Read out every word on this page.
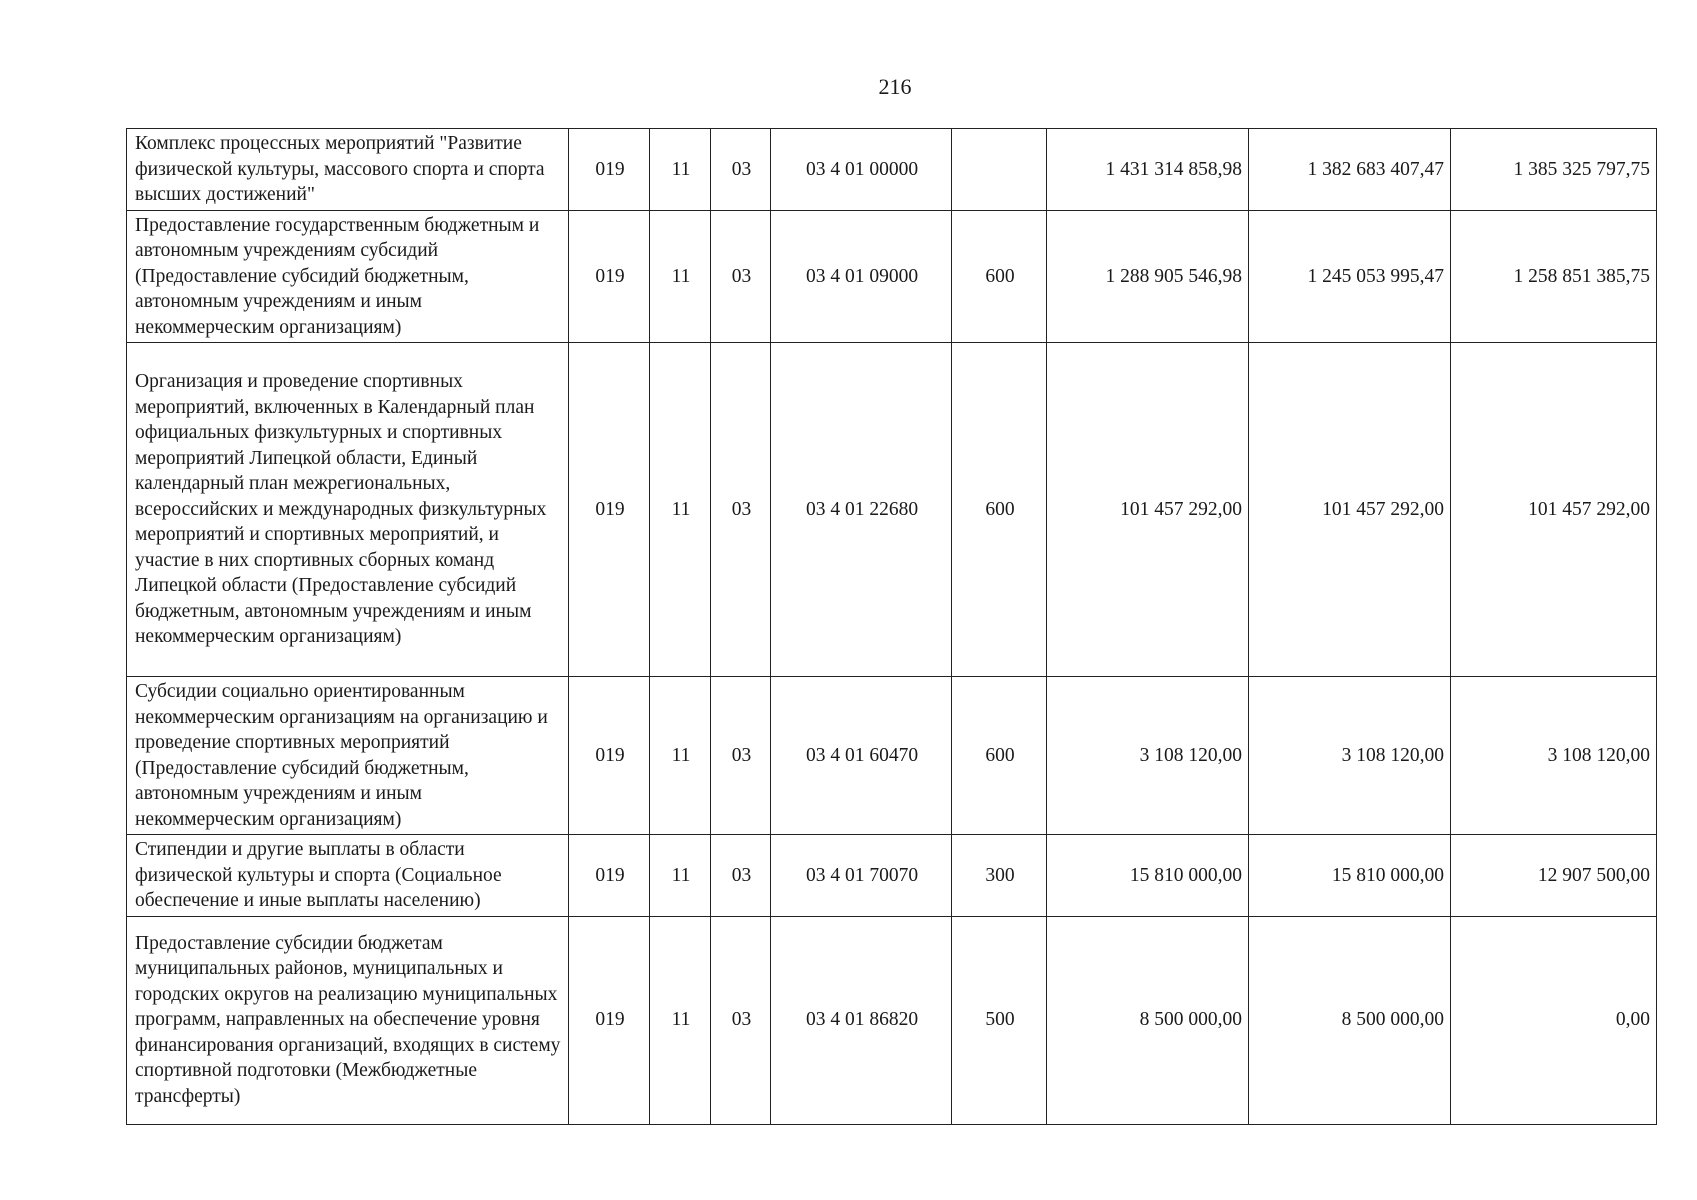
216
Комплекс процессных мероприятий "Развитие физической культуры, массового спорта и спорта высших достижений"	019	11	03	03 4 01 00000		1 431 314 858,98	1 382 683 407,47	1 385 325 797,75
Предоставление государственным бюджетным и автономным учреждениям субсидий (Предоставление субсидий бюджетным, автономным учреждениям и иным некоммерческим организациям)	019	11	03	03 4 01 09000	600	1 288 905 546,98	1 245 053 995,47	1 258 851 385,75
Организация и проведение спортивных мероприятий, включенных в Календарный план официальных физкультурных и спортивных мероприятий Липецкой области, Единый календарный план межрегиональных, всероссийских и международных физкультурных мероприятий и спортивных мероприятий, и участие в них спортивных сборных команд Липецкой области (Предоставление субсидий бюджетным, автономным учреждениям и иным некоммерческим организациям)	019	11	03	03 4 01 22680	600	101 457 292,00	101 457 292,00	101 457 292,00
Субсидии социально ориентированным некоммерческим организациям на организацию и проведение спортивных мероприятий (Предоставление субсидий бюджетным, автономным учреждениям и иным некоммерческим организациям)	019	11	03	03 4 01 60470	600	3 108 120,00	3 108 120,00	3 108 120,00
Стипендии и другие выплаты в области физической культуры и спорта (Социальное обеспечение и иные выплаты населению)	019	11	03	03 4 01 70070	300	15 810 000,00	15 810 000,00	12 907 500,00
Предоставление субсидии бюджетам муниципальных районов, муниципальных и городских округов на реализацию муниципальных программ, направленных на обеспечение уровня финансирования организаций, входящих в систему спортивной подготовки (Межбюджетные трансферты)	019	11	03	03 4 01 86820	500	8 500 000,00	8 500 000,00	0,00
